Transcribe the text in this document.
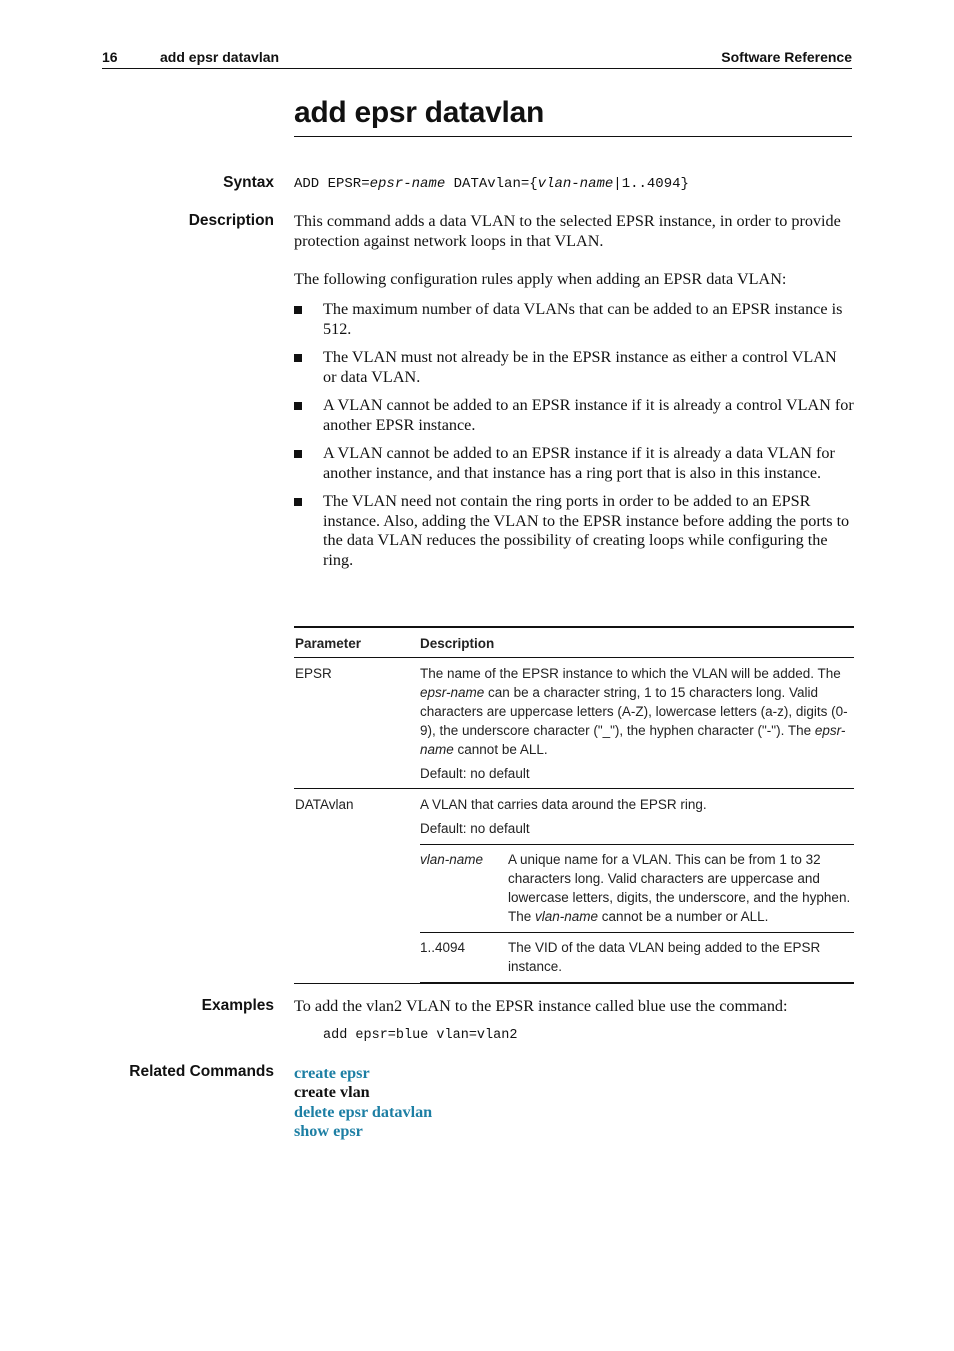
16	add epsr datavlan	Software Reference
add epsr datavlan
Syntax ADD EPSR=epsr-name DATAvlan={vlan-name|1..4094}
Description This command adds a data VLAN to the selected EPSR instance, in order to provide protection against network loops in that VLAN.
The following configuration rules apply when adding an EPSR data VLAN:
The maximum number of data VLANs that can be added to an EPSR instance is 512.
The VLAN must not already be in the EPSR instance as either a control VLAN or data VLAN.
A VLAN cannot be added to an EPSR instance if it is already a control VLAN for another EPSR instance.
A VLAN cannot be added to an EPSR instance if it is already a data VLAN for another instance, and that instance has a ring port that is also in this instance.
The VLAN need not contain the ring ports in order to be added to an EPSR instance. Also, adding the VLAN to the EPSR instance before adding the ports to the data VLAN reduces the possibility of creating loops while configuring the ring.
Parameter	Description
EPSR	The name of the EPSR instance to which the VLAN will be added. The epsr-name can be a character string, 1 to 15 characters long. Valid characters are uppercase letters (A-Z), lowercase letters (a-z), digits (0-9), the underscore character ("_"), the hyphen character ("-"). The epsr-name cannot be ALL.
Default: no default

DATAvlan	A VLAN that carries data around the EPSR ring.
Default: no default
vlan-name	A unique name for a VLAN. This can be from 1 to 32 characters long. Valid characters are uppercase and lowercase letters, digits, the underscore, and the hyphen. The vlan-name cannot be a number or ALL.
1..4094	The VID of the data VLAN being added to the EPSR instance.
Examples To add the vlan2 VLAN to the EPSR instance called blue use the command:
add epsr=blue vlan=vlan2
Related Commands create epsr
create vlan
delete epsr datavlan
show epsr
